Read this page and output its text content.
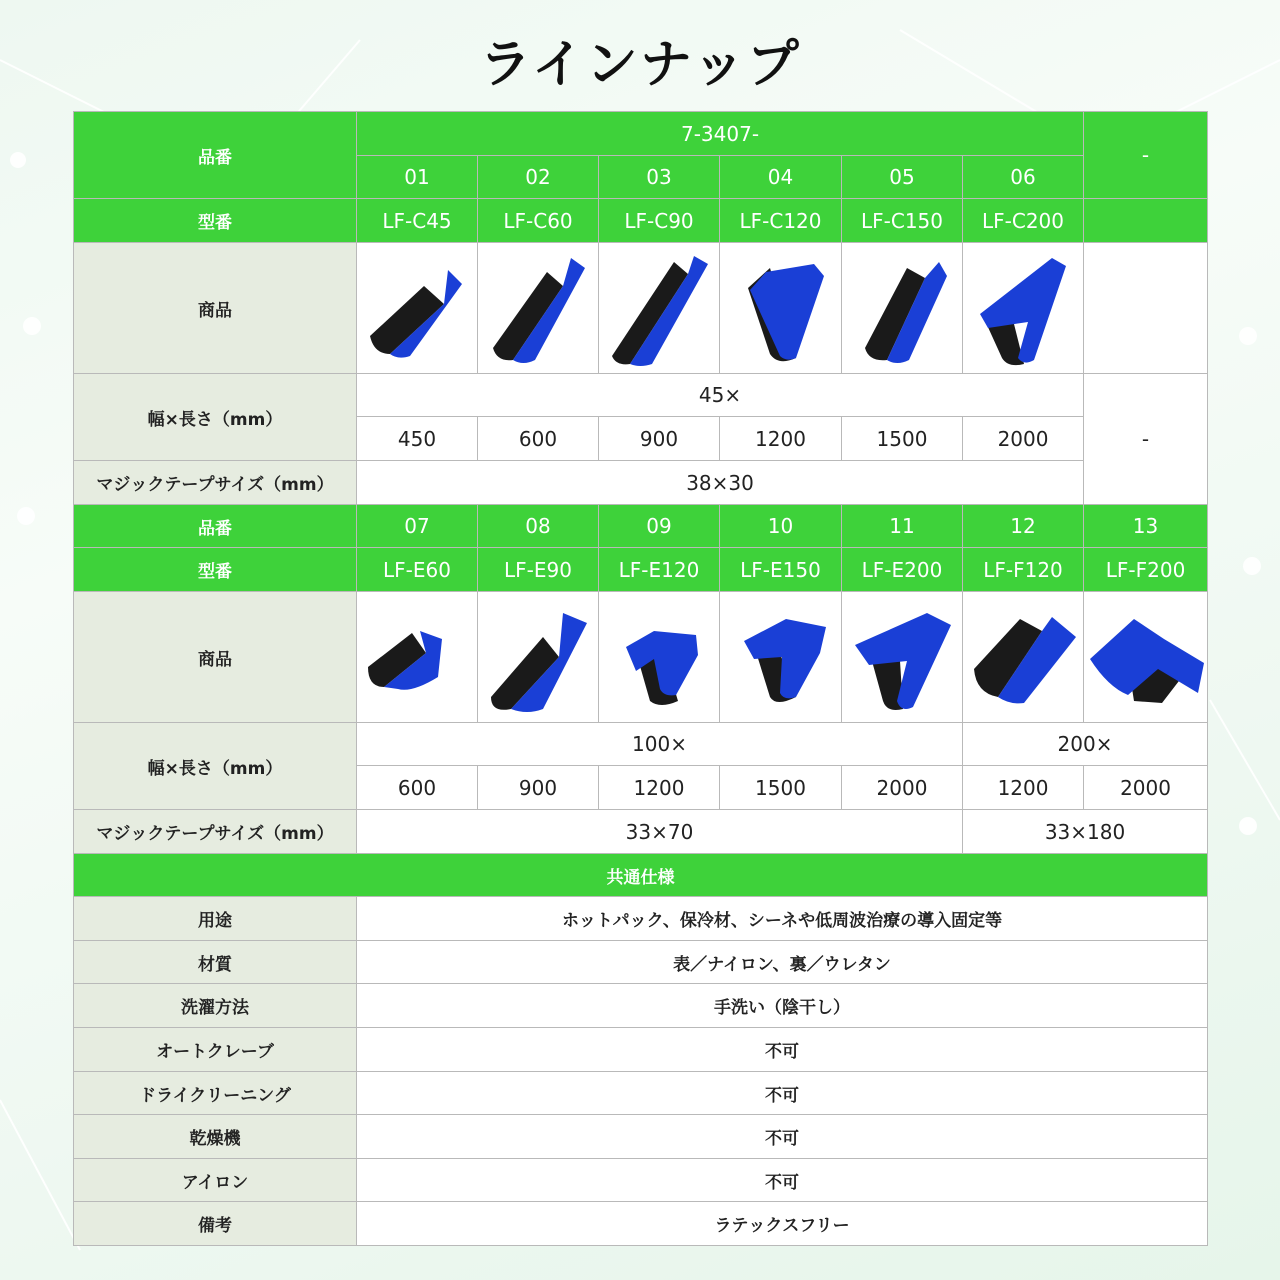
ラインナップ
品番	7-3407-						-
	01	02	03	04	05	06	
型番	LF-C45	LF-C60	LF-C90	LF-C120	LF-C150	LF-C200	
商品	

幅×長さ（mm）	45×						-
	450	600	900	1200	1500	2000	
マジックテープサイズ（mm）	38×30						
品番	07	08	09	10	11	12	13
型番	LF-E60	LF-E90	LF-E120	LF-E150	LF-E200	LF-F120	LF-F200
商品	

幅×長さ（mm）	100×					200×	
	600	900	1200	1500	2000	1200	2000
マジックテープサイズ（mm）	33×70					33×180	
共通仕様							
用途	ホットパック、保冷材、シーネや低周波治療の導入固定等						
材質	表／ナイロン、裏／ウレタン						
洗濯方法	手洗い（陰干し）						
オートクレーブ	不可						
ドライクリーニング	不可						
乾燥機	不可						
アイロン	不可						
備考	ラテックスフリー						
